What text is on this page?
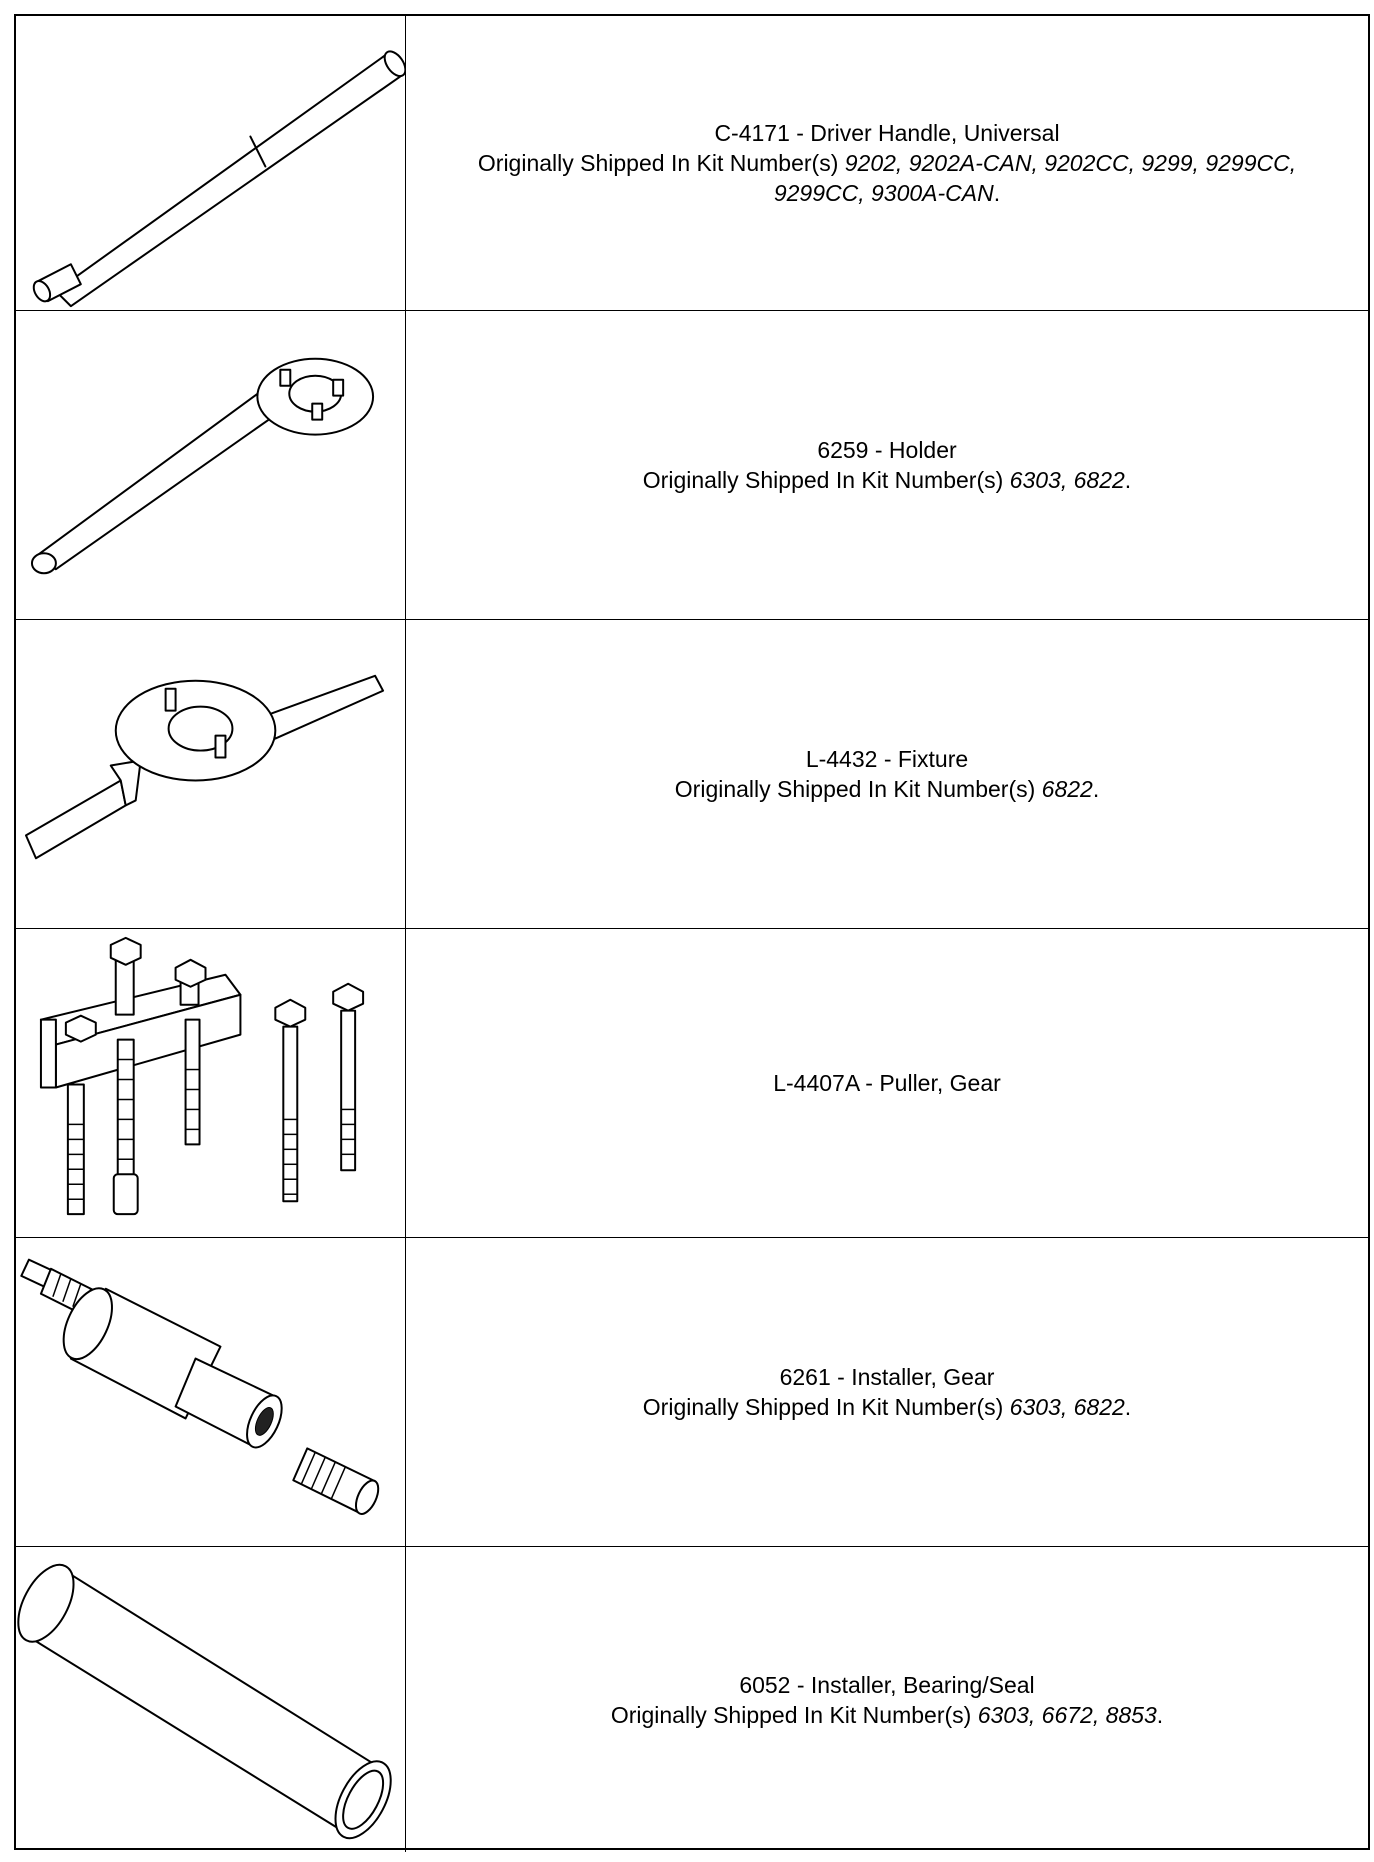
C-4171 - Driver Handle, Universal
Originally Shipped In Kit Number(s) 9202, 9202A-CAN, 9202CC, 9299, 9299CC, 9299CC, 9300A-CAN.
6259 - Holder
Originally Shipped In Kit Number(s) 6303, 6822.
L-4432 - Fixture
Originally Shipped In Kit Number(s) 6822.
L-4407A - Puller, Gear
6261 - Installer, Gear
Originally Shipped In Kit Number(s) 6303, 6822.
6052 - Installer, Bearing/Seal
Originally Shipped In Kit Number(s) 6303, 6672, 8853.
